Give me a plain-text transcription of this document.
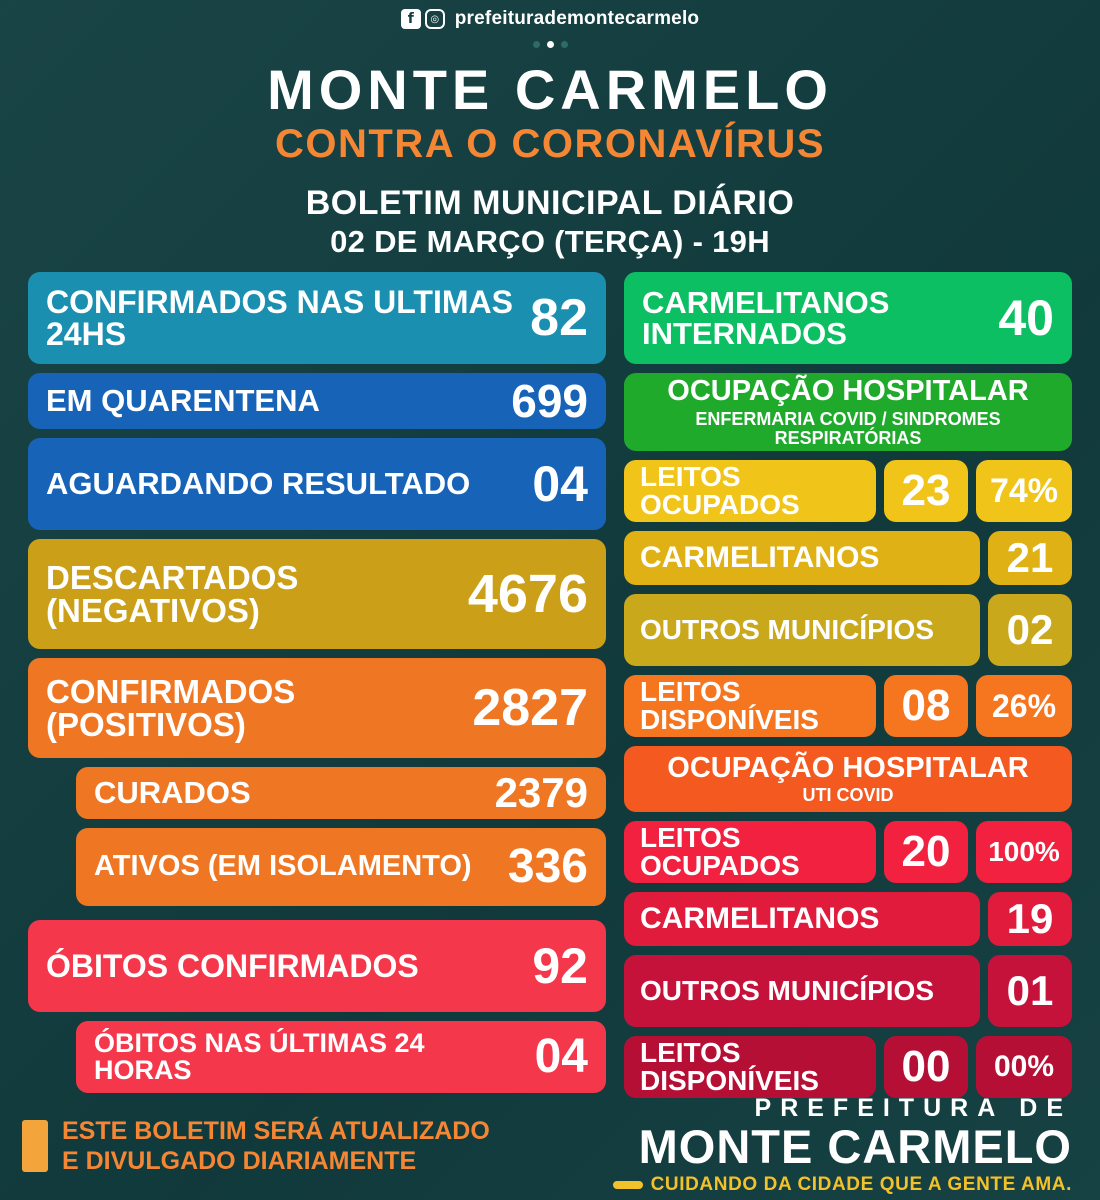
f	◎ prefeiturademontecarmelo
MONTE CARMELO
CONTRA O CORONAVÍRUS
BOLETIM MUNICIPAL DIÁRIO
02 DE MARÇO (TERÇA) - 19H
CONFIRMADOS NAS ULTIMAS 24HS	82
EM QUARENTENA	699
AGUARDANDO RESULTADO 04
DESCARTADOS (NEGATIVOS)	4676
CONFIRMADOS (POSITIVOS)	2827
CURADOS	2379
ATIVOS (EM ISOLAMENTO) 336
ÓBITOS CONFIRMADOS 92
ÓBITOS NAS ÚLTIMAS 24 HORAS	04
CARMELITANOS INTERNADOS	40
OCUPAÇÃO HOSPITALAR
ENFERMARIA COVID / SINDROMES RESPIRATÓRIAS
LEITOS OCUPADOS	23	74%
CARMELITANOS	21
OUTROS MUNICÍPIOS	02
LEITOS DISPONÍVEIS	08	26%
OCUPAÇÃO HOSPITALAR
UTI COVID
LEITOS OCUPADOS	20	100%
CARMELITANOS	19
OUTROS MUNICÍPIOS	01
LEITOS DISPONÍVEIS	00	00%
ESTE BOLETIM SERÁ ATUALIZADO
E DIVULGADO DIARIAMENTE
PREFEITURA DE
MONTE CARMELO
CUIDANDO DA CIDADE QUE A GENTE AMA.
